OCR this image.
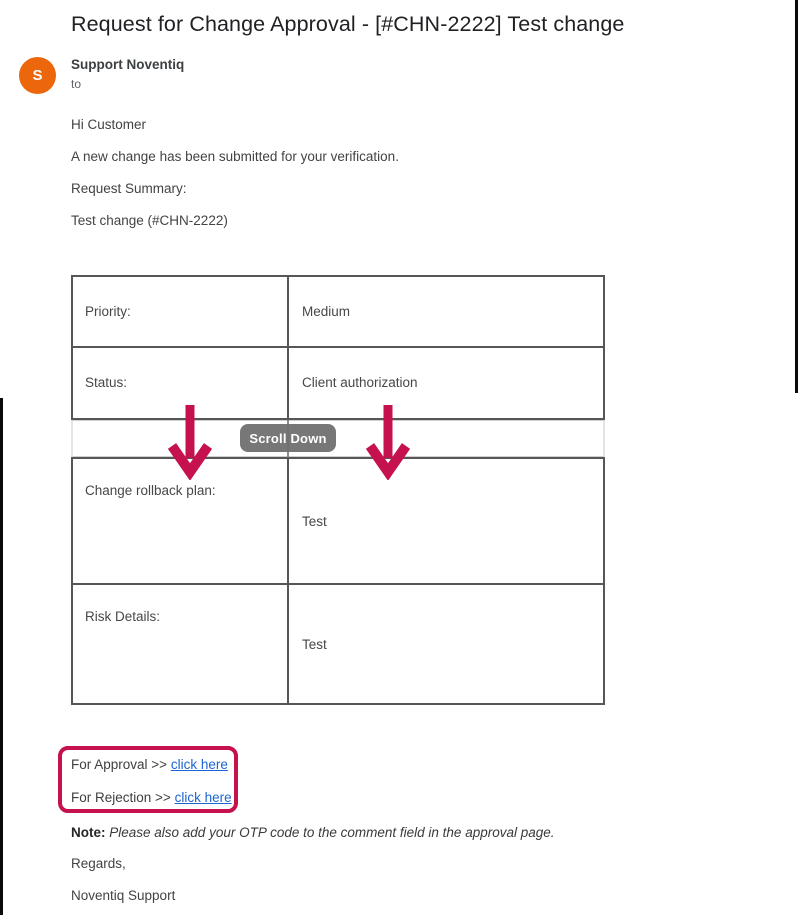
Request for Change Approval - [#CHN-2222] Test change
S
Support Noventiq
to
Hi Customer
A new change has been submitted for your verification.
Request Summary:
Test change (#CHN-2222)
Priority:	Medium
Status:	Client authorization
Change rollback plan:
Test
Risk Details:
Test
Scroll Down
For Approval >> click here
For Rejection >> click here
Note: Please also add your OTP code to the comment field in the approval page.
Regards,
Noventiq Support
